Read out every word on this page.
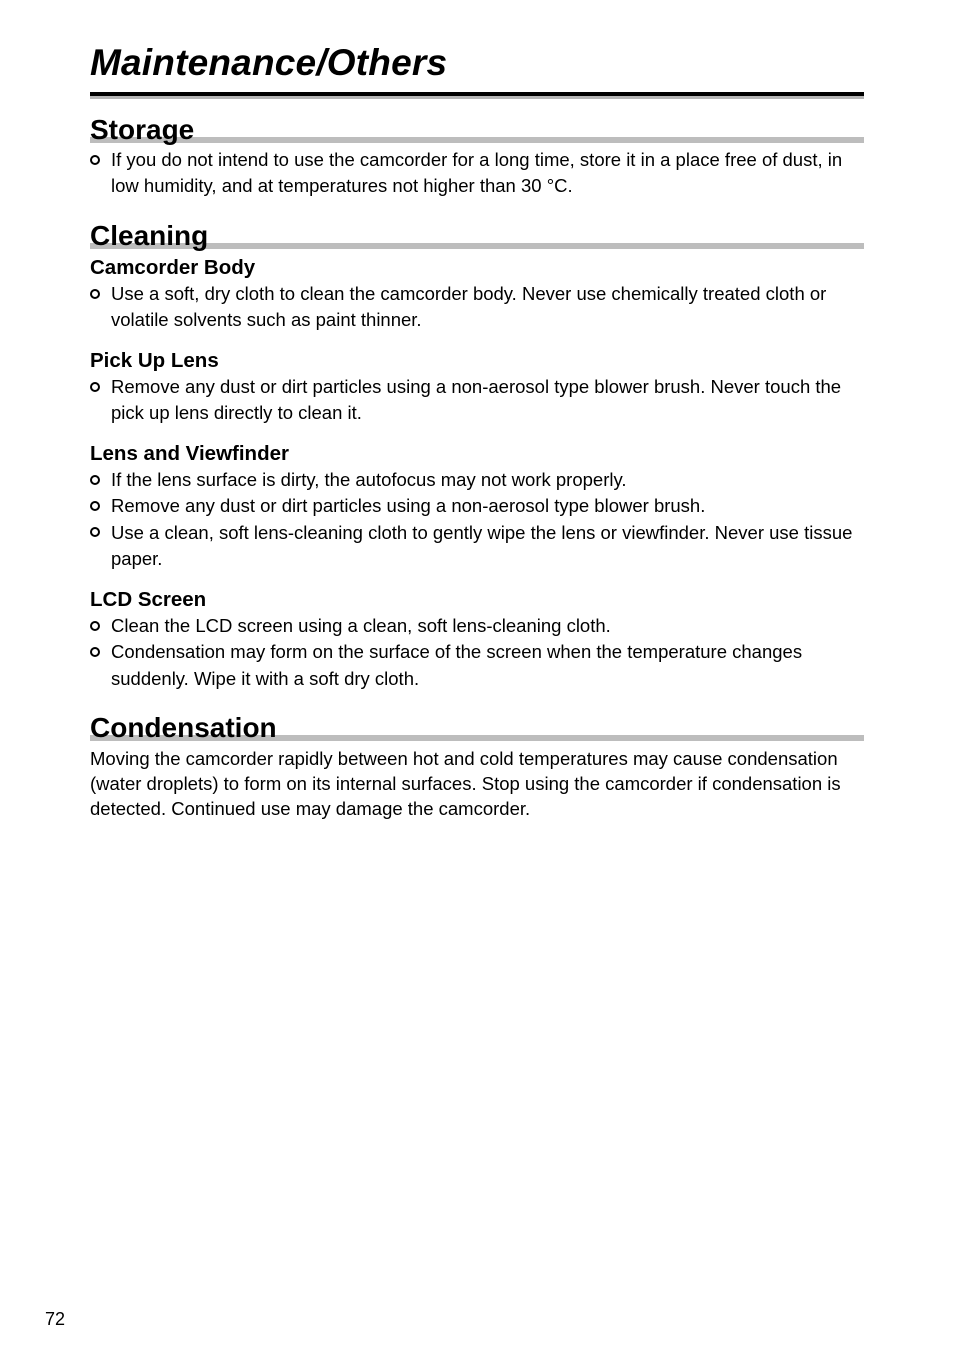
Maintenance/Others
Storage
If you do not intend to use the camcorder for a long time, store it in a place free of dust, in low humidity, and at temperatures not higher than 30 °C.
Cleaning
Camcorder Body
Use a soft, dry cloth to clean the camcorder body. Never use chemically treated cloth or volatile solvents such as paint thinner.
Pick Up Lens
Remove any dust or dirt particles using a non-aerosol type blower brush. Never touch the pick up lens directly to clean it.
Lens and Viewfinder
If the lens surface is dirty, the autofocus may not work properly.
Remove any dust or dirt particles using a non-aerosol type blower brush.
Use a clean, soft lens-cleaning cloth to gently wipe the lens or viewfinder. Never use tissue paper.
LCD Screen
Clean the LCD screen using a clean, soft lens-cleaning cloth.
Condensation may form on the surface of the screen when the temperature changes suddenly. Wipe it with a soft dry cloth.
Condensation

Moving the camcorder rapidly between hot and cold temperatures may cause condensation (water droplets) to form on its internal surfaces. Stop using the camcorder if condensation is detected. Continued use may damage the camcorder.

72
